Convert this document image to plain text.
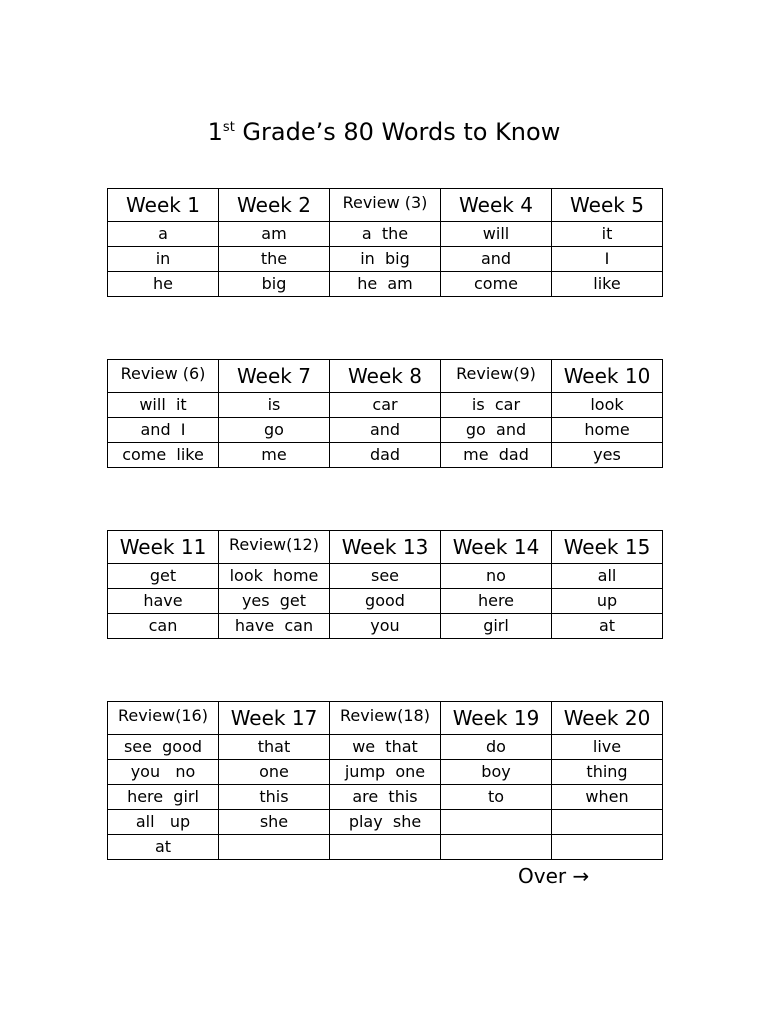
1st Grade’s 80 Words to Know
Week 1	Week 2	Review (3)	Week 4	Week 5
a	am	a  the	will	it
in	the	in  big	and	I
he	big	he  am	come	like
Review (6)	Week 7	Week 8	Review(9)	Week 10
will  it	is	car	is  car	look
and  I	go	and	go  and	home
come  like	me	dad	me  dad	yes
Week 11	Review(12)	Week 13	Week 14	Week 15
get	look  home	see	no	all
have	yes  get	good	here	up
can	have  can	you	girl	at
Review(16)	Week 17	Review(18)	Week 19	Week 20
see  good	that	we  that	do	live
you   no	one	jump  one	boy	thing
here  girl	this	are  this	to	when
all   up	she	play  she		
at				
Over →
